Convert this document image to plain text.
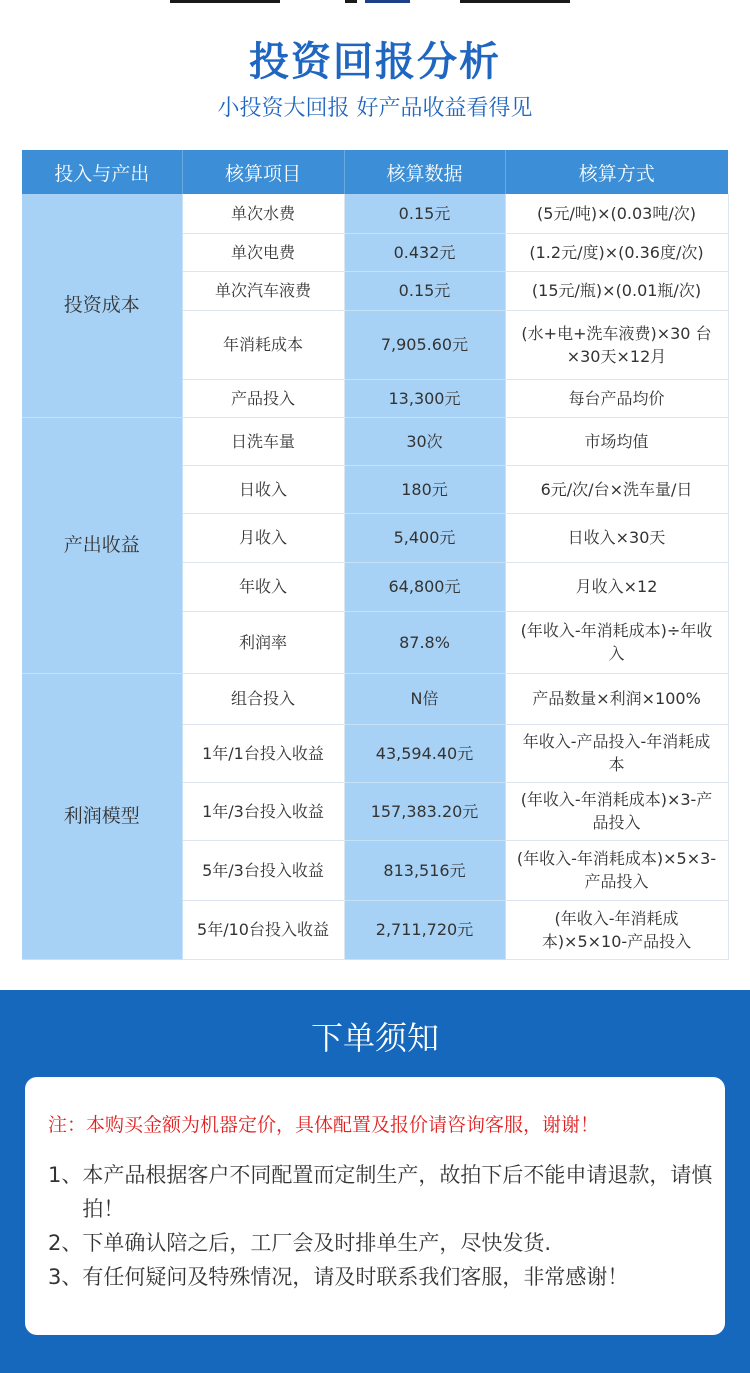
投资回报分析
小投资大回报 好产品收益看得见
投入与产出	核算项目	核算数据	核算方式
投资成本	单次水费	0.15元	(5元/吨)×(0.03吨/次)
	单次电费	0.432元	(1.2元/度)×(0.36度/次)
	单次汽车液费	0.15元	(15元/瓶)×(0.01瓶/次)
	年消耗成本	7,905.60元	(水+电+洗车液费)×30 台×30天×12月
	产品投入	13,300元	每台产品均价
产出收益	日洗车量	30次	市场均值
	日收入	180元	6元/次/台×洗车量/日
	月收入	5,400元	日收入×30天
	年收入	64,800元	月收入×12
	利润率	87.8%	(年收入-年消耗成本)÷年收入
利润模型	组合投入	N倍	产品数量×利润×100%
	1年/1台投入收益	43,594.40元	年收入-产品投入-年消耗成本
	1年/3台投入收益	157,383.20元	(年收入-年消耗成本)×3-产品投入
	5年/3台投入收益	813,516元	(年收入-年消耗成本)×5×3-产品投入
	5年/10台投入收益	2,711,720元	(年收入-年消耗成本)×5×10-产品投入
下单须知
注：本购买金额为机器定价，具体配置及报价请咨询客服，谢谢！
1、 本产品根据客户不同配置而定制生产，故拍下后不能申请退款，请慎拍！
2、 下单确认陪之后，工厂会及时排单生产，尽快发货.
3、 有任何疑问及特殊情况，请及时联系我们客服，非常感谢！
